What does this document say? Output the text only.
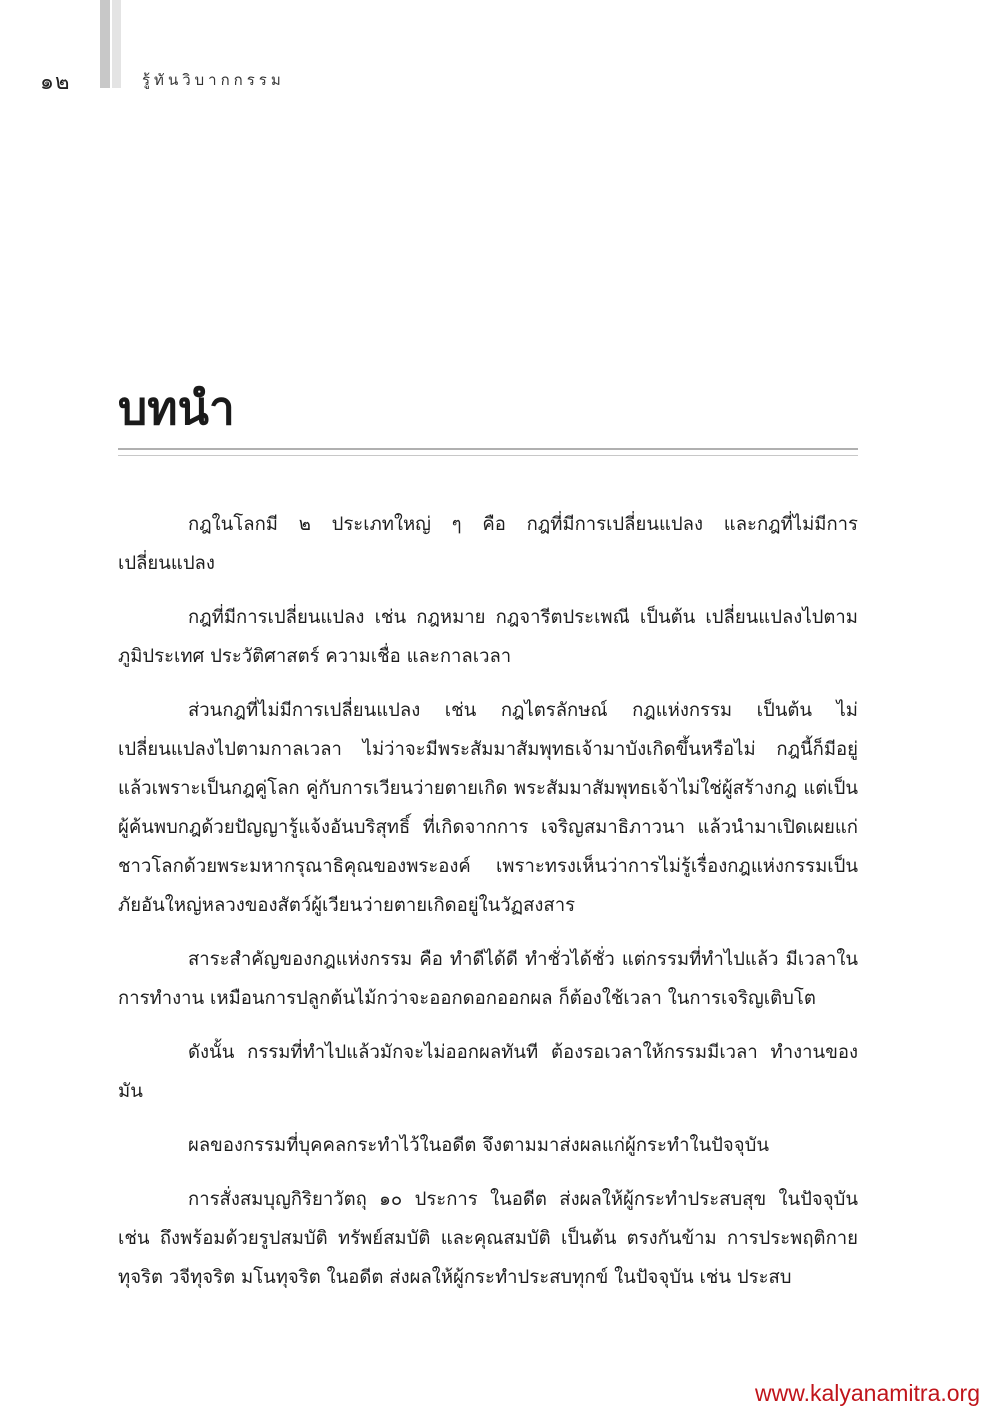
๑๒	รู้ทันวิบากกรรม
บทนำ

กฎในโลกมี ๒ ประเภทใหญ่ ๆ คือ กฎที่มีการเปลี่ยนแปลง และกฎที่ไม่มีการเปลี่ยนแปลง

กฎที่มีการเปลี่ยนแปลง เช่น กฎหมาย กฎจารีตประเพณี เป็นต้น เปลี่ยนแปลงไปตามภูมิประเทศ ประวัติศาสตร์ ความเชื่อ และกาลเวลา

ส่วนกฎที่ไม่มีการเปลี่ยนแปลง เช่น กฎไตรลักษณ์ กฎแห่งกรรม เป็นต้น ไม่เปลี่ยนแปลงไปตามกาลเวลา ไม่ว่าจะมีพระสัมมาสัมพุทธเจ้ามาบังเกิดขึ้นหรือไม่ กฎนี้ก็มีอยู่แล้วเพราะเป็นกฎคู่โลก คู่กับการเวียนว่ายตายเกิด พระสัมมาสัมพุทธเจ้าไม่ใช่ผู้สร้างกฎ แต่เป็นผู้ค้นพบกฎด้วยปัญญารู้แจ้งอันบริสุทธิ์ ที่เกิดจากการ เจริญสมาธิภาวนา แล้วนำมาเปิดเผยแก่ชาวโลกด้วยพระมหากรุณาธิคุณของพระองค์ เพราะทรงเห็นว่าการไม่รู้เรื่องกฎแห่งกรรมเป็นภัยอันใหญ่หลวงของสัตว์ผู้เวียนว่ายตายเกิดอยู่ในวัฏสงสาร

สาระสำคัญของกฎแห่งกรรม คือ ทำดีได้ดี ทำชั่วได้ชั่ว แต่กรรมที่ทำไปแล้ว มีเวลาในการทำงาน เหมือนการปลูกต้นไม้กว่าจะออกดอกออกผล ก็ต้องใช้เวลา ในการเจริญเติบโต

ดังนั้น กรรมที่ทำไปแล้วมักจะไม่ออกผลทันที ต้องรอเวลาให้กรรมมีเวลา ทำงานของมัน

ผลของกรรมที่บุคคลกระทำไว้ในอดีต จึงตามมาส่งผลแก่ผู้กระทำในปัจจุบัน

การสั่งสมบุญกิริยาวัตถุ ๑๐ ประการ ในอดีต ส่งผลให้ผู้กระทำประสบสุข ในปัจจุบัน เช่น ถึงพร้อมด้วยรูปสมบัติ ทรัพย์สมบัติ และคุณสมบัติ เป็นต้น ตรงกันข้าม การประพฤติกายทุจริต วจีทุจริต มโนทุจริต ในอดีต ส่งผลให้ผู้กระทำประสบทุกข์ ในปัจจุบัน เช่น ประสบ

www.kalyanamitra.org
